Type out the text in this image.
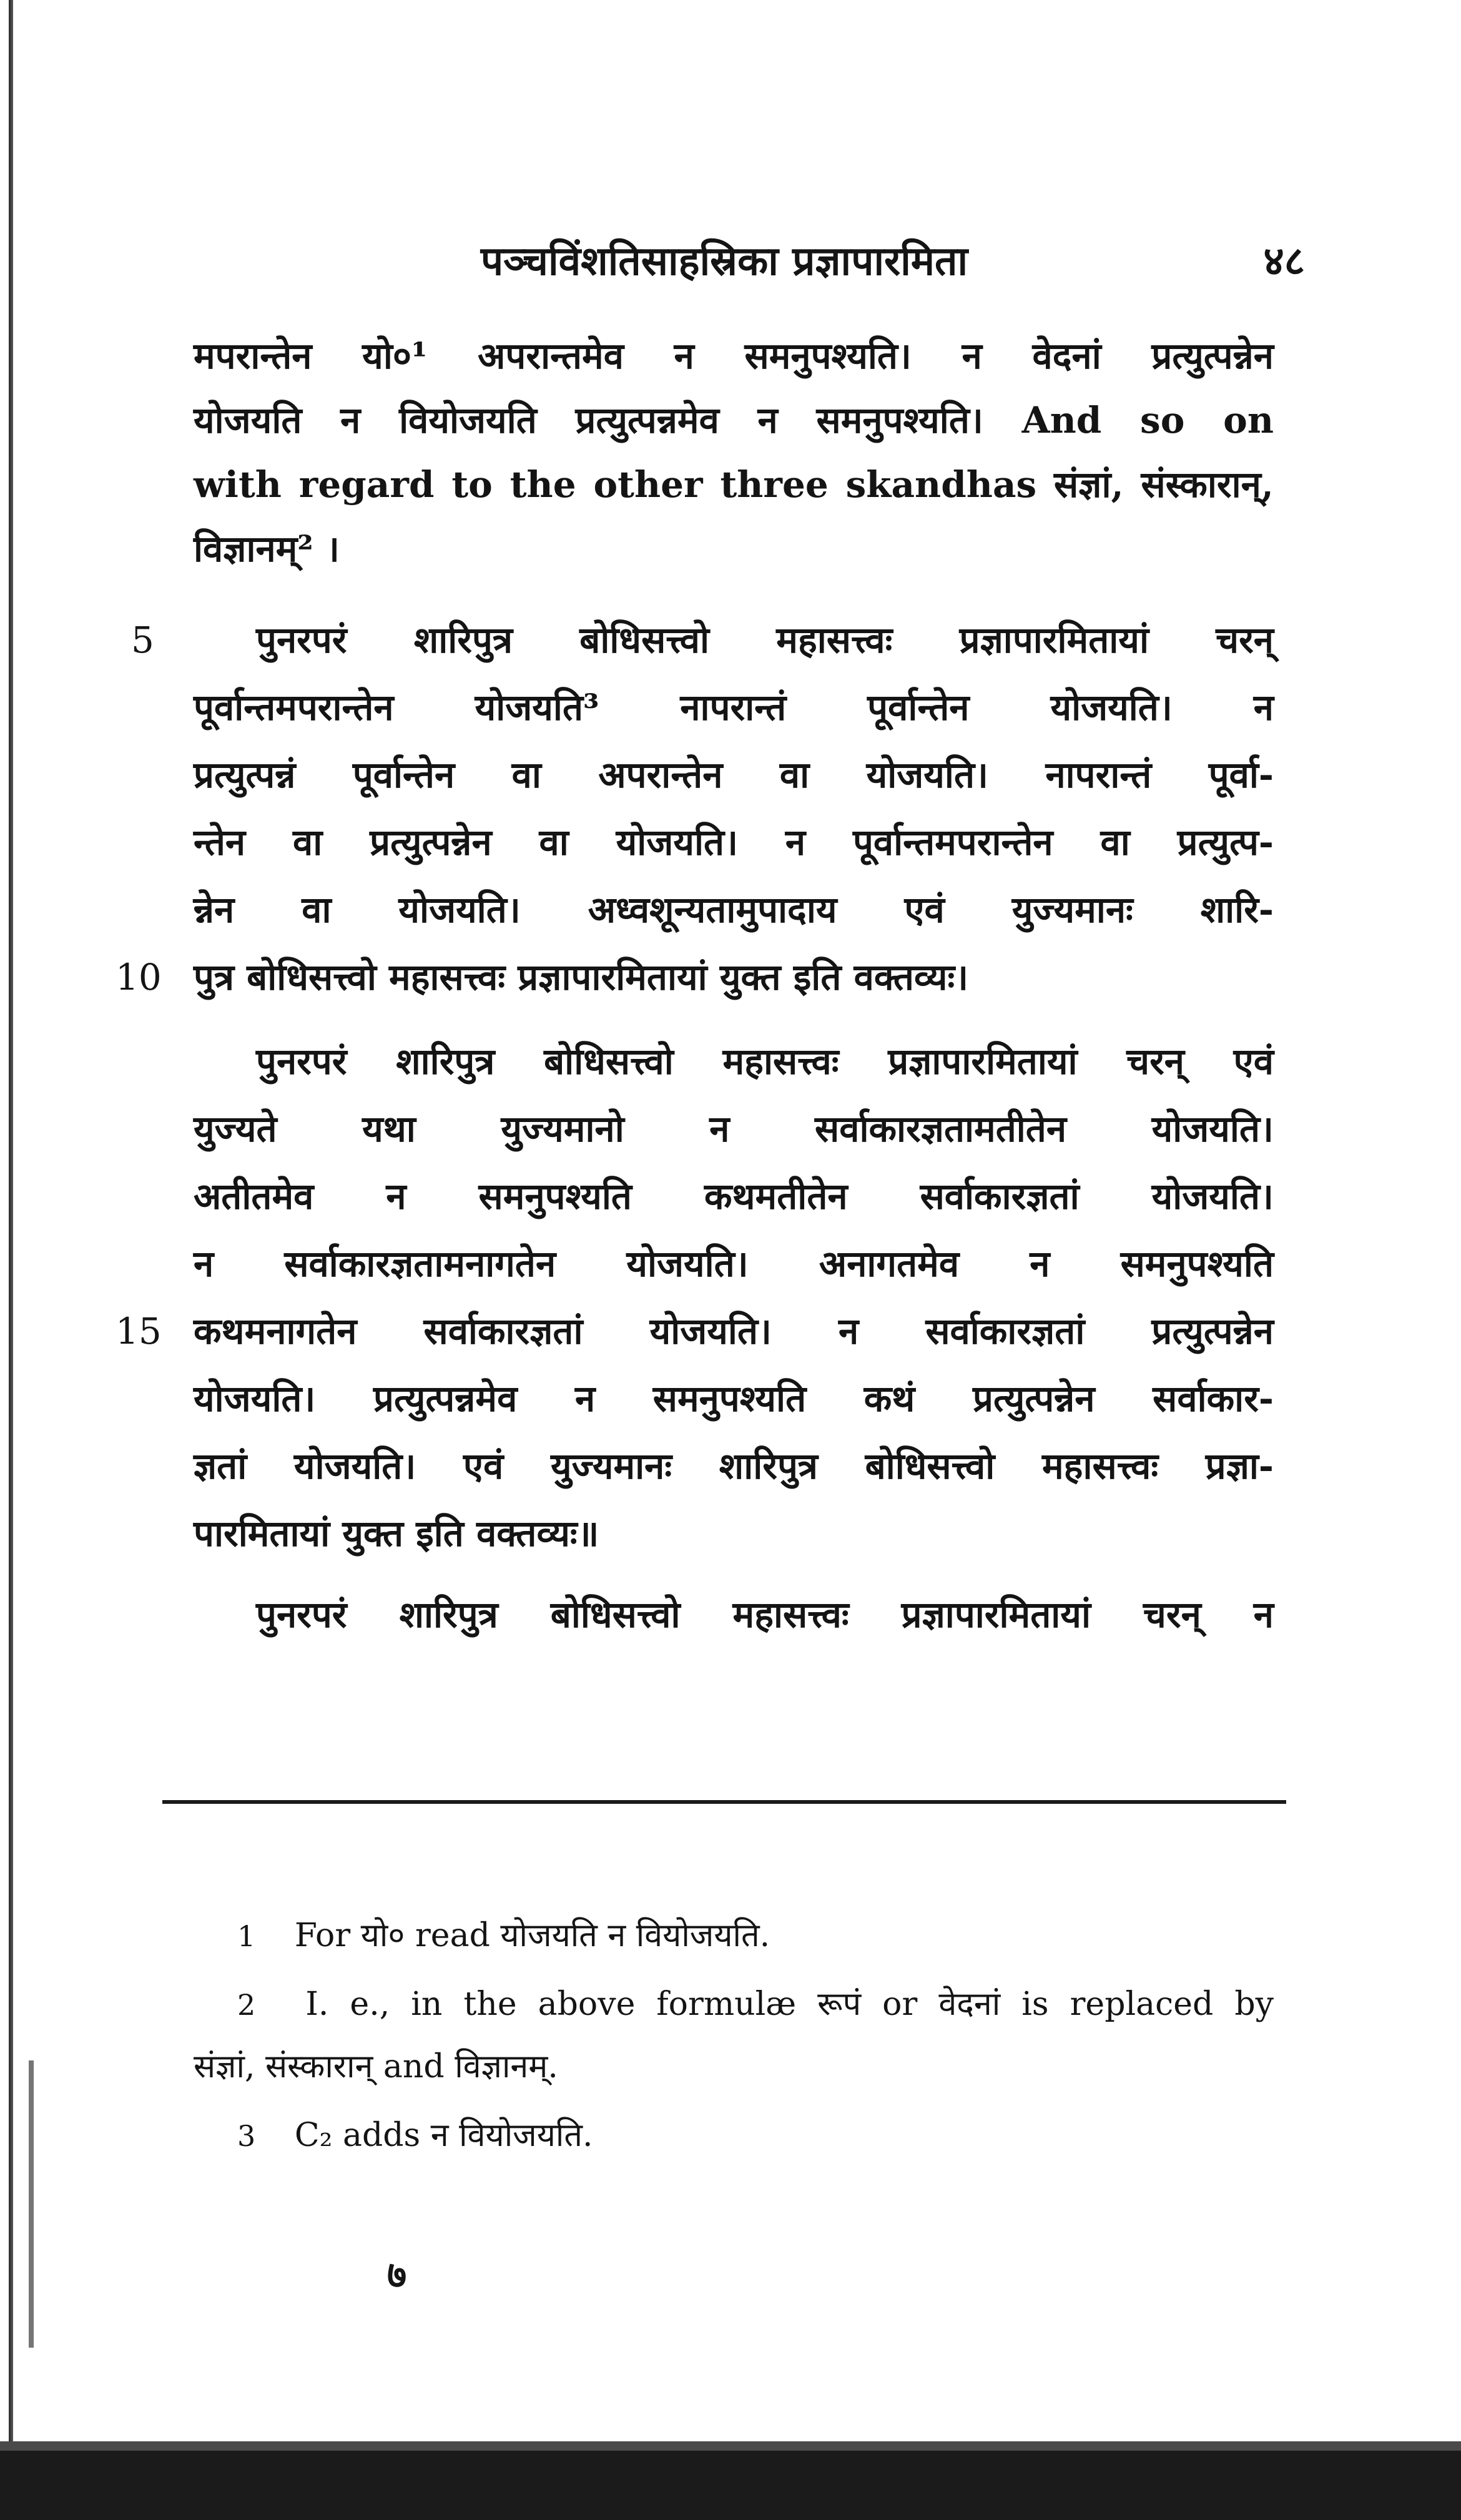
पञ्चविंशतिसाहस्रिका प्रज्ञापारमिता	४८
मपरान्तेन यो०¹ अपरान्तमेव न समनुपश्यति। न वेदनां प्रत्युत्पन्नेन
योजयति न वियोजयति प्रत्युत्पन्नमेव न समनुपश्यति। And so on
with regard to the other three skandhas संज्ञां, संस्कारान्,
विज्ञानम्² ।
5	पुनरपरं शारिपुत्र बोधिसत्त्वो महासत्त्वः प्रज्ञापारमितायां चरन्
पूर्वान्तमपरान्तेन योजयति³ नापरान्तं पूर्वान्तेन योजयति। न
प्रत्युत्पन्नं पूर्वान्तेन वा अपरान्तेन वा योजयति। नापरान्तं पूर्वा-
न्तेन वा प्रत्युत्पन्नेन वा योजयति। न पूर्वान्तमपरान्तेन वा प्रत्युत्प-
न्नेन वा योजयति। अध्वशून्यतामुपादाय एवं युज्यमानः शारि-
10 पुत्र बोधिसत्त्वो महासत्त्वः प्रज्ञापारमितायां युक्त इति वक्तव्यः।
पुनरपरं शारिपुत्र बोधिसत्त्वो महासत्त्वः प्रज्ञापारमितायां चरन् एवं
युज्यते यथा युज्यमानो न सर्वाकारज्ञतामतीतेन योजयति।
अतीतमेव न समनुपश्यति कथमतीतेन सर्वाकारज्ञतां योजयति।
न सर्वाकारज्ञतामनागतेन योजयति। अनागतमेव न समनुपश्यति
15 कथमनागतेन सर्वाकारज्ञतां योजयति। न सर्वाकारज्ञतां प्रत्युत्पन्नेन
योजयति। प्रत्युत्पन्नमेव न समनुपश्यति कथं प्रत्युत्पन्नेन सर्वाकार-
ज्ञतां योजयति। एवं युज्यमानः शारिपुत्र बोधिसत्त्वो महासत्त्वः प्रज्ञा-
पारमितायां युक्त इति वक्तव्यः॥
पुनरपरं शारिपुत्र बोधिसत्त्वो महासत्त्वः प्रज्ञापारमितायां चरन् न
1  For यो० read योजयति न वियोजयति.
2  I. e., in the above formulæ रूपं or वेदनां is replaced by
संज्ञां, संस्कारान् and विज्ञानम्.
3  C₂ adds न वियोजयति.
७
